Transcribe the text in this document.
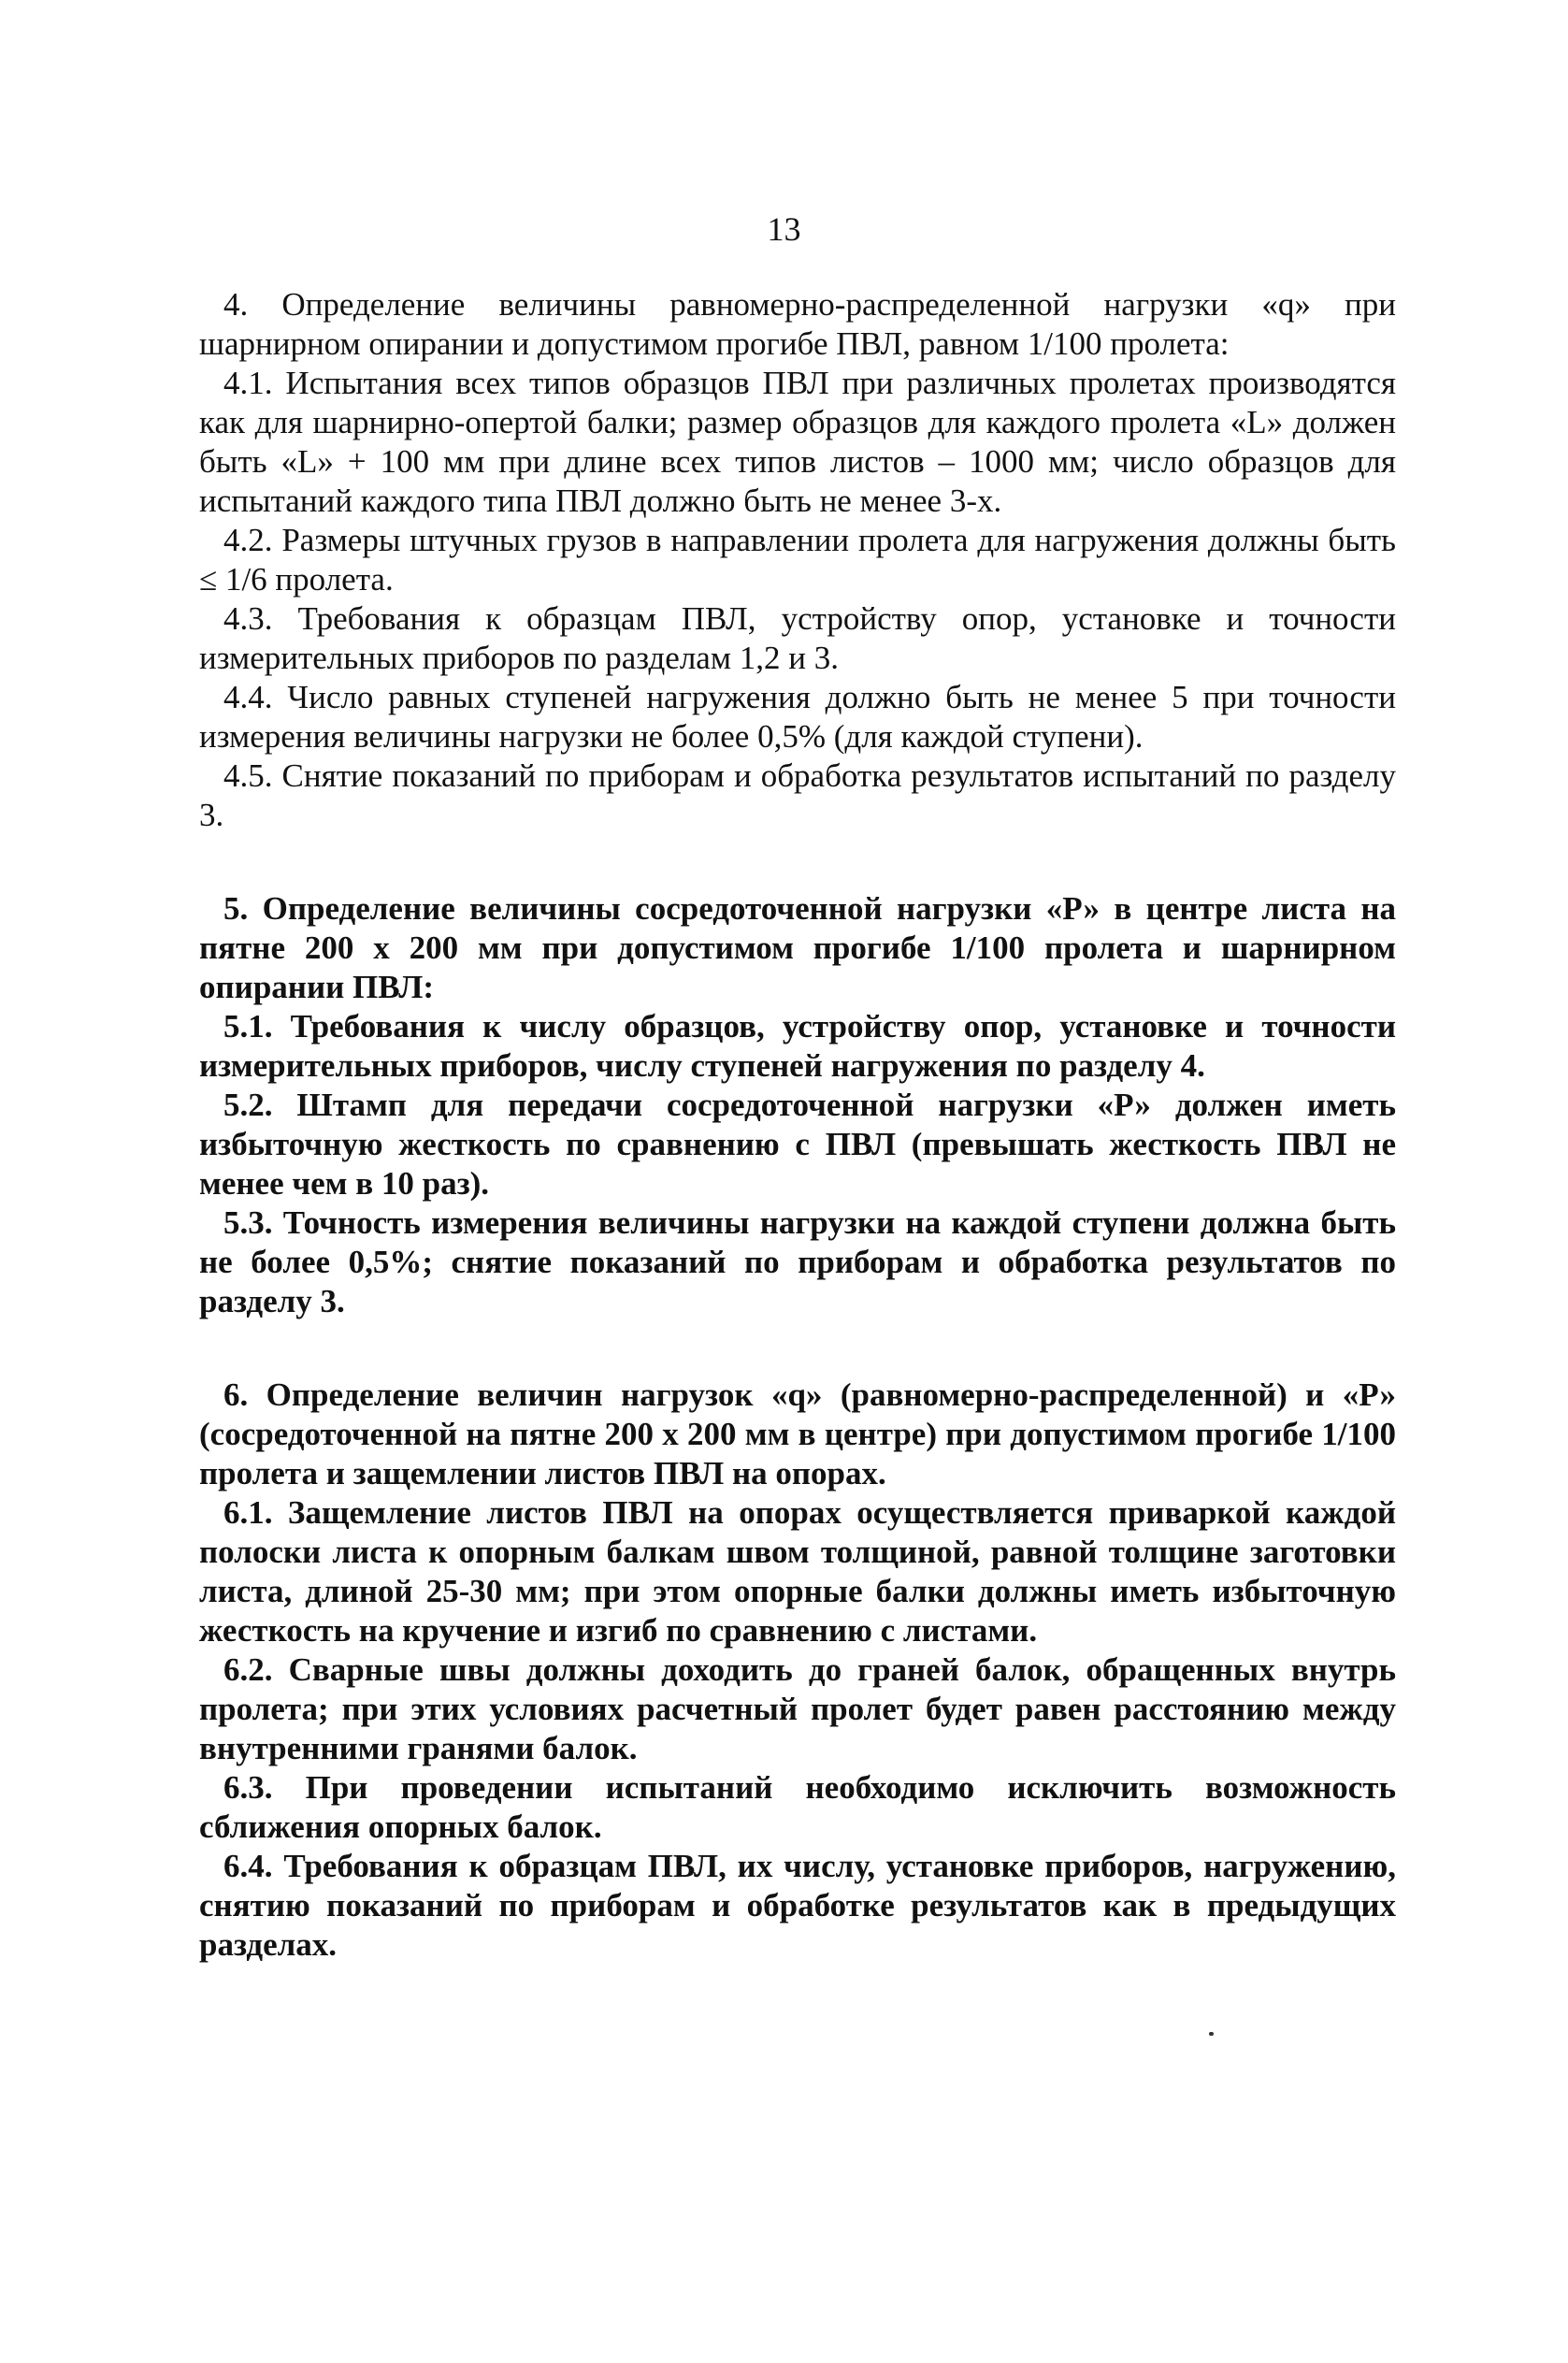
13

4. Определение величины равномерно-распределенной нагрузки «q» при шарнирном опирании и допустимом прогибе ПВЛ, равном 1/100 пролета:

4.1. Испытания всех типов образцов ПВЛ при различных пролетах производятся как для шарнирно-опертой балки; размер образцов для каждого пролета «L» должен быть «L» + 100 мм при длине всех типов листов – 1000 мм; число образцов для испытаний каждого типа ПВЛ должно быть не менее 3-х.

4.2. Размеры штучных грузов в направлении пролета для нагружения должны быть ≤ 1/6 пролета.

4.3. Требования к образцам ПВЛ, устройству опор, установке и точности измерительных приборов по разделам 1,2 и 3.

4.4. Число равных ступеней нагружения должно быть не менее 5 при точности измерения величины нагрузки не более 0,5% (для каждой ступени).

4.5. Снятие показаний по приборам и обработка результатов испытаний по разделу 3.

5. Определение величины сосредоточенной нагрузки «Р» в центре листа на пятне 200 х 200 мм при допустимом прогибе 1/100 пролета и шарнирном опирании ПВЛ:

5.1. Требования к числу образцов, устройству опор, установке и точности измерительных приборов, числу ступеней нагружения по разделу 4.

5.2. Штамп для передачи сосредоточенной нагрузки «Р» должен иметь избыточную жесткость по сравнению с ПВЛ (превышать жесткость ПВЛ не менее чем в 10 раз).

5.3. Точность измерения величины нагрузки на каждой ступени должна быть не более 0,5%; снятие показаний по приборам и обработка результатов по разделу 3.

6. Определение величин нагрузок «q» (равномерно-распределенной) и «Р» (сосредоточенной на пятне 200 х 200 мм в центре) при допустимом прогибе 1/100 пролета и защемлении листов ПВЛ на опорах.

6.1. Защемление листов ПВЛ на опорах осуществляется приваркой каждой полоски листа к опорным балкам швом толщиной, равной толщине заготовки листа, длиной 25-30 мм; при этом опорные балки должны иметь избыточную жесткость на кручение и изгиб по сравнению с листами.

6.2. Сварные швы должны доходить до граней балок, обращенных внутрь пролета; при этих условиях расчетный пролет будет равен расстоянию между внутренними гранями балок.

6.3. При проведении испытаний необходимо исключить возможность сближения опорных балок.

6.4. Требования к образцам ПВЛ, их числу, установке приборов, нагружению, снятию показаний по приборам и обработке результатов как в предыдущих разделах.
